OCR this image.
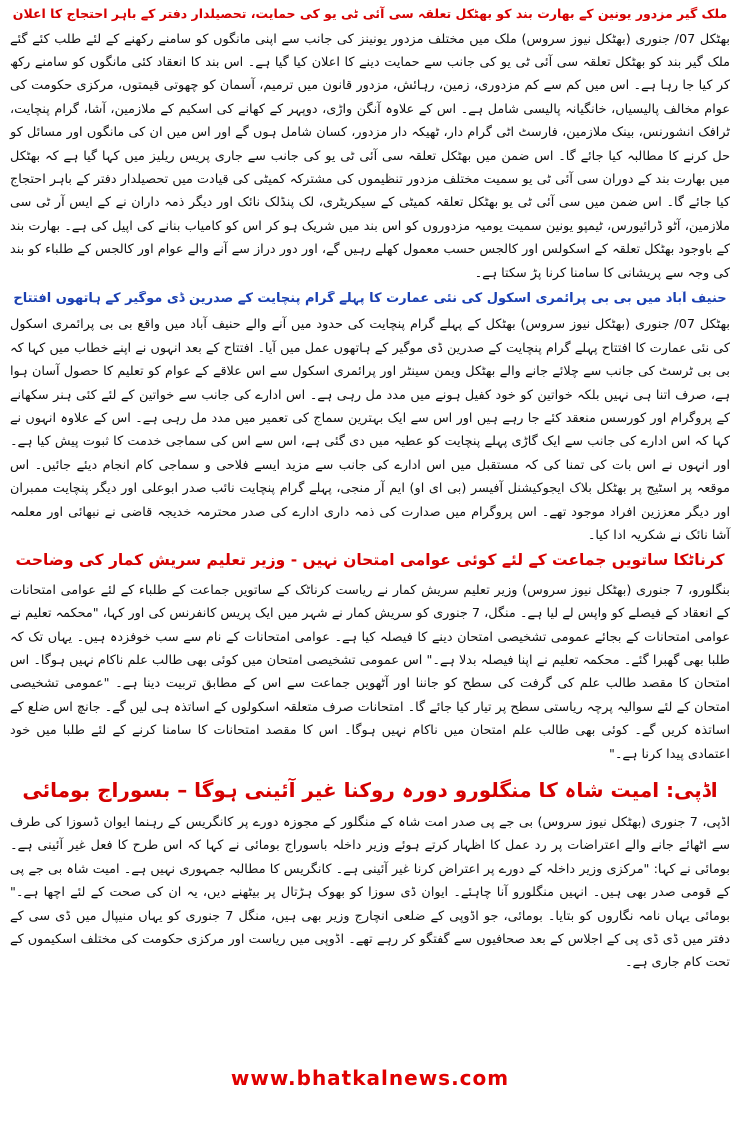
ملک گیر مزدور یونین کے بھارت بند کو بھٹکل تعلقہ سی آئی ٹی یو کی حمایت، تحصیلدار دفتر کے باہر احتجاج کا اعلان

بھٹکل 07/ جنوری (بھٹکل نیوز سروس) ملک میں مختلف مزدور یونینز کی جانب سے اپنی مانگوں کو سامنے رکھنے کے لئے طلب کئے گئے ملک گیر بند کو بھٹکل تعلقہ سی آئی ٹی یو کی جانب سے حمایت دینے کا اعلان کیا گیا ہے۔ اس بند کا انعقاد کئی مانگوں کو سامنے رکھ کر کیا جا رہا ہے۔ اس میں کم سے کم مزدوری، زمین، رہائش، مزدور قانون میں ترمیم، آسمان کو چھوتی قیمتوں، مرکزی حکومت کی عوام مخالف پالیسیاں، خانگیانہ پالیسی شامل ہے۔ اس کے علاوہ آنگن واڑی، دوپہر کے کھانے کی اسکیم کے ملازمین، آشا، گرام پنچایت، ٹرافک انشورنس، بینک ملازمین، فارسٹ اٹی گرام دار، ٹھیکہ دار مزدور، کسان شامل ہوں گے اور اس میں ان کی مانگوں اور مسائل کو حل کرنے کا مطالبہ کیا جائے گا۔ اس ضمن میں بھٹکل تعلقہ سی آئی ٹی یو کی جانب سے جاری پریس ریلیز میں کہا گیا ہے کہ بھٹکل میں بھارت بند کے دوران سی آئی ٹی یو سمیت مختلف مزدور تنظیموں کی مشترکہ کمیٹی کی قیادت میں تحصیلدار دفتر کے باہر احتجاج کیا جائے گا۔ اس ضمن میں سی آئی ٹی یو بھٹکل تعلقہ کمیٹی کے سیکریٹری، لک پنڈلک نائک اور دیگر ذمہ داران نے کے ایس آر ٹی سی ملازمین، آٹو ڈرائیورس، ٹیمپو یونین سمیت یومیہ مزدوروں کو اس بند میں شریک ہو کر اس کو کامیاب بنانے کی اپیل کی ہے۔ بھارت بند کے باوجود بھٹکل تعلقہ کے اسکولس اور کالجس حسب معمول کھلے رہیں گے، اور دور دراز سے آنے والے عوام اور کالجس کے طلباء کو بند کی وجہ سے پریشانی کا سامنا کرنا پڑ سکتا ہے۔

حنیف آباد میں بی بی پرائمری اسکول کی نئی عمارت کا پہلے گرام پنچایت کے صدرین ڈی موگیر کے ہاتھوں افتتاح

بھٹکل 07/ جنوری (بھٹکل نیوز سروس) بھٹکل کے پہلے گرام پنچایت کی حدود میں آنے والے حنیف آباد میں واقع بی بی پرائمری اسکول کی نئی عمارت کا افتتاح پہلے گرام پنچایت کے صدرین ڈی موگیر کے ہاتھوں عمل میں آیا۔ افتتاح کے بعد انہوں نے اپنے خطاب میں کہا کہ بی بی ٹرسٹ کی جانب سے چلائے جانے والے بھٹکل ویمن سینٹر اور پرائمری اسکول سے اس علاقے کے عوام کو تعلیم کا حصول آسان ہوا ہے، صرف اتنا ہی نہیں بلکہ خواتین کو خود کفیل ہونے میں مدد مل رہی ہے۔ اس ادارے کی جانب سے خواتین کے لئے کئی ہنر سکھانے کے پروگرام اور کورسس منعقد کئے جا رہے ہیں اور اس سے ایک بہترین سماج کی تعمیر میں مدد مل رہی ہے۔ اس کے علاوہ انہوں نے کہا کہ اس ادارے کی جانب سے ایک گاڑی پہلے پنچایت کو عطیہ میں دی گئی ہے، اس سے اس کی سماجی خدمت کا ثبوت پیش کیا ہے۔ اور انہوں نے اس بات کی تمنا کی کہ مستقبل میں اس ادارے کی جانب سے مزید ایسے فلاحی و سماجی کام انجام دیئے جائیں۔ اس موقعہ پر اسٹیج پر بھٹکل بلاک ایجوکیشنل آفیسر (بی ای او) ایم آر منجی، پہلے گرام پنچایت نائب صدر ابوعلی اور دیگر پنچایت ممبران اور دیگر معززین افراد موجود تھے۔ اس پروگرام میں صدارت کی ذمہ داری ادارے کی صدر محترمہ خدیجہ قاضی نے نبھائی اور معلمہ آشا نائک نے شکریہ ادا کیا۔

کرناٹکا ساتویں جماعت کے لئے کوئی عوامی امتحان نہیں - وزیر تعلیم سریش کمار کی وضاحت

بنگلورو، 7 جنوری (بھٹکل نیوز سروس) وزیر تعلیم سریش کمار نے ریاست کرناٹک کے ساتویں جماعت کے طلباء کے لئے عوامی امتحانات کے انعقاد کے فیصلے کو واپس لے لیا ہے۔ منگل، 7 جنوری کو سریش کمار نے شہر میں ایک پریس کانفرنس کی اور کہا، "محکمہ تعلیم نے عوامی امتحانات کے بجائے عمومی تشخیصی امتحان دینے کا فیصلہ کیا ہے۔ عوامی امتحانات کے نام سے سب خوفزدہ ہیں۔ یہاں تک کہ طلبا بھی گھبرا گئے۔ محکمہ تعلیم نے اپنا فیصلہ بدلا ہے۔" اس عمومی تشخیصی امتحان میں کوئی بھی طالب علم ناکام نہیں ہوگا۔ اس امتحان کا مقصد طالب علم کی گرفت کی سطح کو جاننا اور آٹھویں جماعت سے اس کے مطابق تربیت دینا ہے۔ "عمومی تشخیصی امتحان کے لئے سوالیہ پرچہ ریاستی سطح پر تیار کیا جائے گا۔ امتحانات صرف متعلقہ اسکولوں کے اساتذہ ہی لیں گے۔ جانچ اس ضلع کے اساتذہ کریں گے۔ کوئی بھی طالب علم امتحان میں ناکام نہیں ہوگا۔ اس کا مقصد امتحانات کا سامنا کرنے کے لئے طلبا میں خود اعتمادی پیدا کرنا ہے۔"

اڈپی: امیت شاہ کا منگلورو دورہ روکنا غیر آئینی ہوگا – بسوراج بومائی

اڈپی، 7 جنوری (بھٹکل نیوز سروس) بی جے پی صدر امت شاہ کے منگلور کے مجوزہ دورے پر کانگریس کے رہنما ایوان ڈسوزا کی طرف سے اٹھائے جانے والے اعتراضات پر رد عمل کا اظہار کرتے ہوئے وزیر داخلہ باسوراج بومائی نے کہا کہ اس طرح کا فعل غیر آئینی ہے۔ بومائی نے کہا: "مرکزی وزیر داخلہ کے دورے پر اعتراض کرنا غیر آئینی ہے۔ کانگریس کا مطالبہ جمہوری نہیں ہے۔ امیت شاہ بی جے پی کے قومی صدر بھی ہیں۔ انہیں منگلورو آنا چاہئے۔ ایوان ڈی سوزا کو بھوک ہڑتال پر بیٹھنے دیں، یہ ان کی صحت کے لئے اچھا ہے۔" بومائی یہاں نامہ نگاروں کو بتایا۔ بومائی، جو اڈوپی کے ضلعی انچارج وزیر بھی ہیں، منگل 7 جنوری کو یہاں منیپال میں ڈی سی کے دفتر میں ڈی ڈی پی کے اجلاس کے بعد صحافیوں سے گفتگو کر رہے تھے۔ اڈوپی میں ریاست اور مرکزی حکومت کی مختلف اسکیموں کے تحت کام جاری ہے۔

www.bhatkalnews.com
